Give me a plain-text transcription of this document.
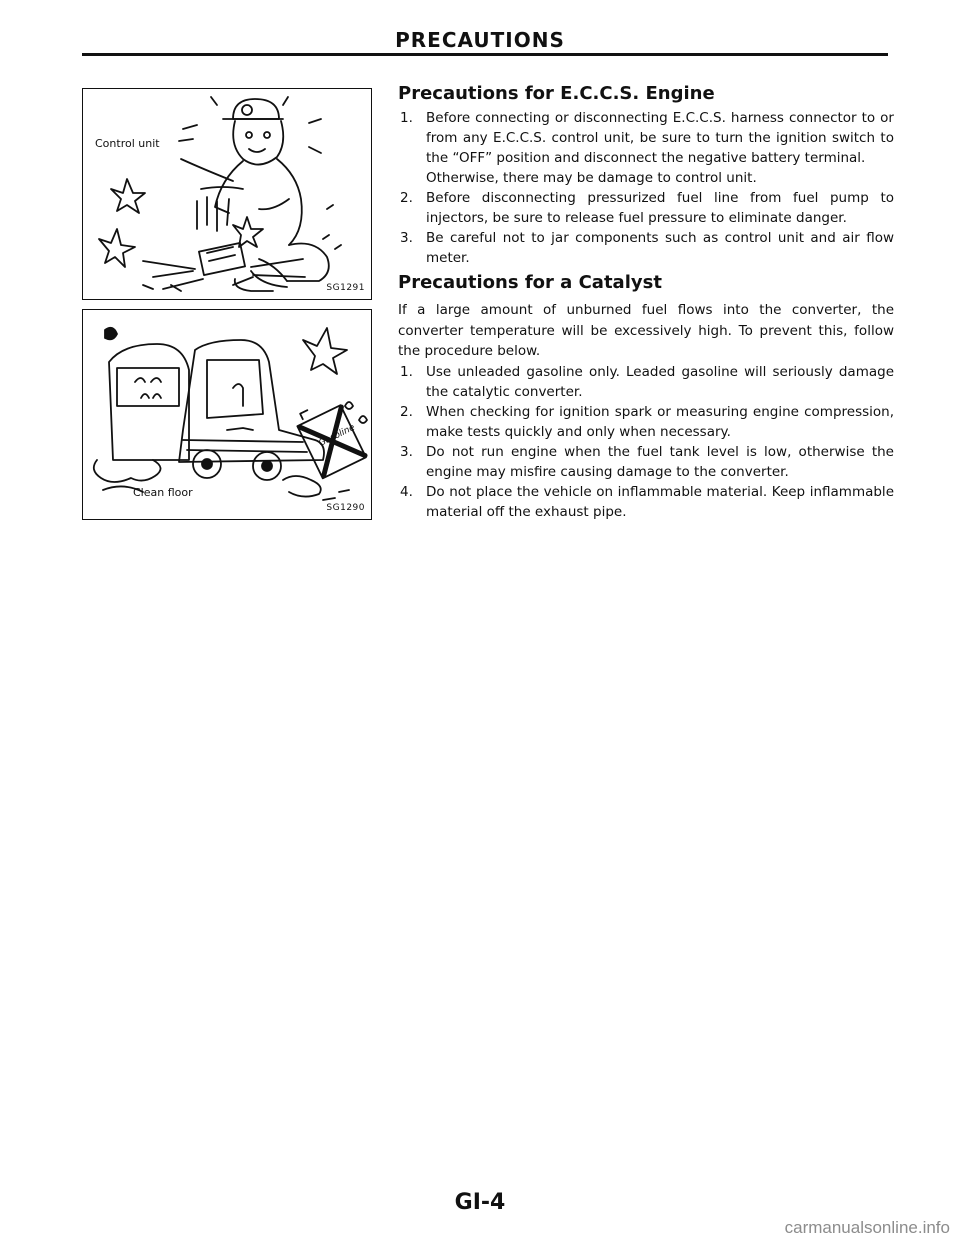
PRECAUTIONS
Control unit
SG1291
Gasoline
Clean floor
SG1290
Precautions for E.C.C.S. Engine
1. Before connecting or disconnecting E.C.C.S. harness connector to or from any E.C.C.S. control unit, be sure to turn the ignition switch to the “OFF” position and disconnect the negative battery terminal.
Otherwise, there may be damage to control unit.
2. Before disconnecting pressurized fuel line from fuel pump to injectors, be sure to release fuel pressure to eliminate danger.
3. Be careful not to jar components such as control unit and air flow meter.
Precautions for a Catalyst

If a large amount of unburned fuel flows into the converter, the converter temperature will be excessively high. To prevent this, follow the procedure below.

1. Use unleaded gasoline only. Leaded gasoline will seriously damage the catalytic converter.
2. When checking for ignition spark or measuring engine compression, make tests quickly and only when necessary.
3. Do not run engine when the fuel tank level is low, otherwise the engine may misfire causing damage to the converter.
4. Do not place the vehicle on inflammable material. Keep inflammable material off the exhaust pipe.
GI-4
carmanualsonline.info
